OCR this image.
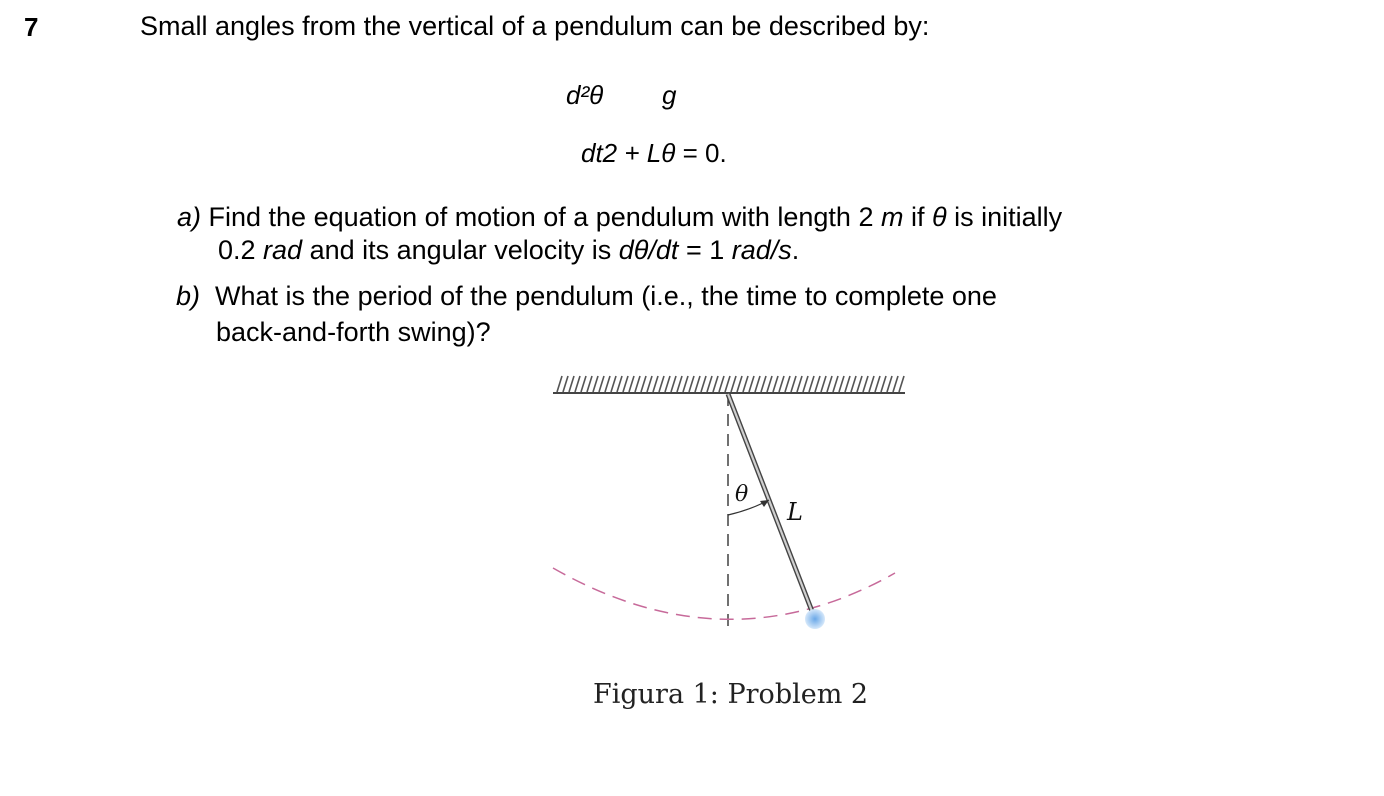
7	Small angles from the vertical of a pendulum can be described by:
d²θ g
dt2 + Lθ = 0.
a) Find the equation of motion of a pendulum with length 2 m if θ is initially
0.2 rad and its angular velocity is dθ/dt = 1 rad/s.
b)  What is the period of the pendulum (i.e., the time to complete one
back-and-forth swing)?
θ
L
Figura 1: Problem 2
